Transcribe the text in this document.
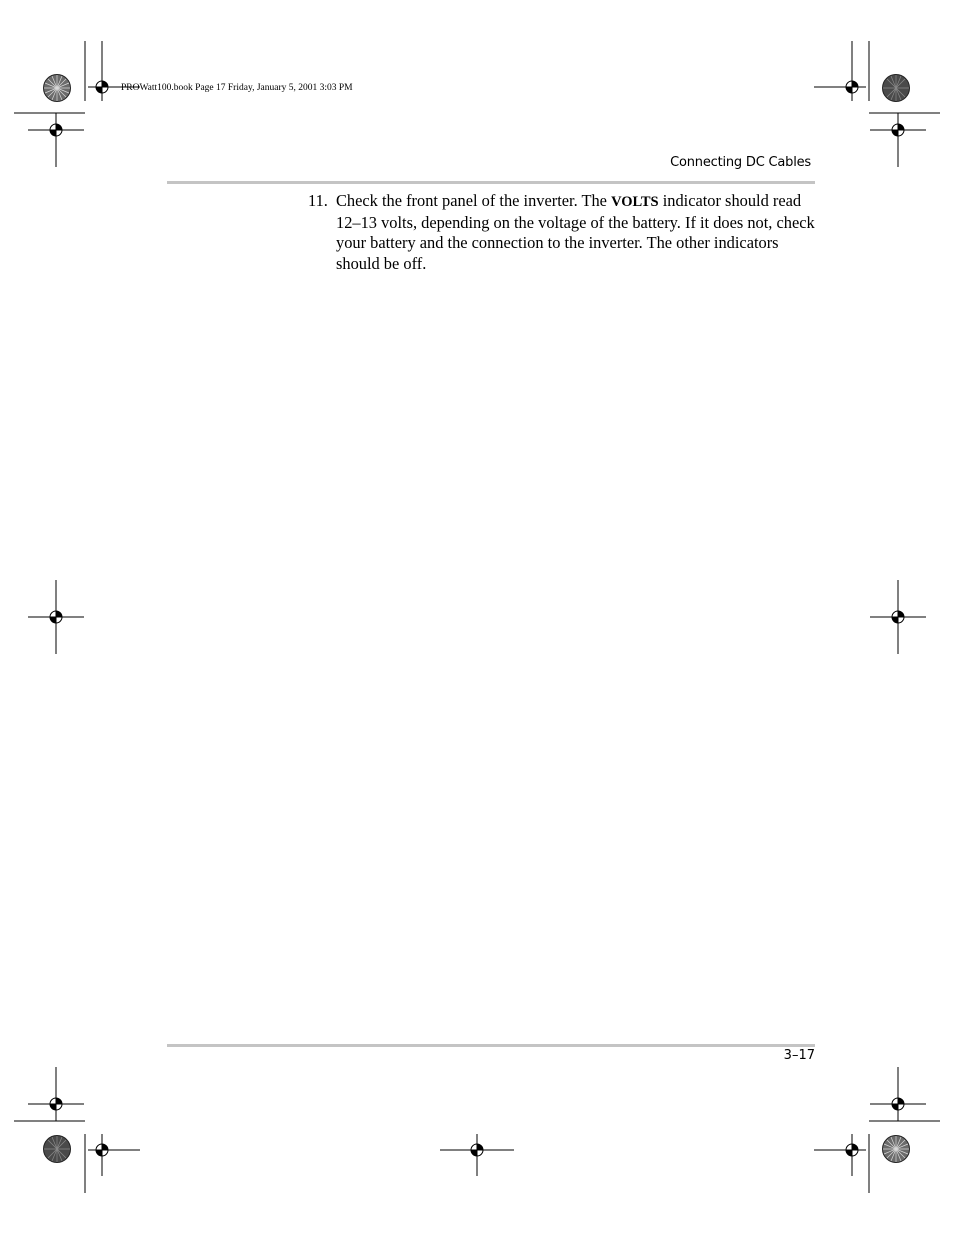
PROWatt100.book Page 17 Friday, January 5, 2001 3:03 PM
Connecting DC Cables
11. Check the front panel of the inverter. The VOLTS indicator should read 12–13 volts, depending on the voltage of the battery. If it does not, check your battery and the connection to the inverter. The other indicators should be off.
3–17
